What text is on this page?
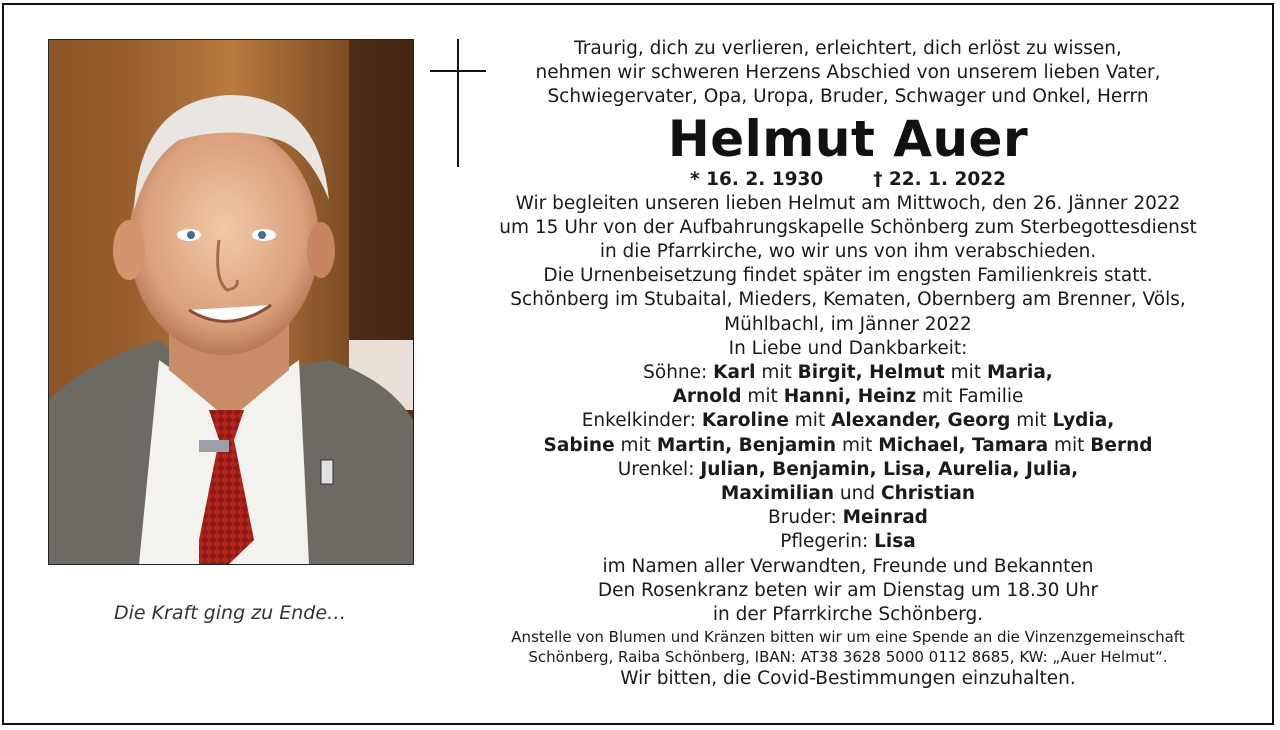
Die Kraft ging zu Ende…
Traurig, dich zu verlieren, erleichtert, dich erlöst zu wissen,
nehmen wir schweren Herzens Abschied von unserem lieben Vater,
Schwiegervater, Opa, Uropa, Bruder, Schwager und Onkel, Herrn
Helmut Auer
* 16. 2. 1930	† 22. 1. 2022
Wir begleiten unseren lieben Helmut am Mittwoch, den 26. Jänner 2022
um 15 Uhr von der Aufbahrungskapelle Schönberg zum Sterbegottesdienst
in die Pfarrkirche, wo wir uns von ihm verabschieden.
Die Urnenbeisetzung findet später im engsten Familienkreis statt.
Schönberg im Stubaital, Mieders, Kematen, Obernberg am Brenner, Völs,
Mühlbachl, im Jänner 2022
In Liebe und Dankbarkeit:
Söhne: Karl mit Birgit, Helmut mit Maria,
Arnold mit Hanni, Heinz mit Familie
Enkelkinder: Karoline mit Alexander, Georg mit Lydia,
Sabine mit Martin, Benjamin mit Michael, Tamara mit Bernd
Urenkel: Julian, Benjamin, Lisa, Aurelia, Julia,
Maximilian und Christian
Bruder: Meinrad
Pflegerin: Lisa
im Namen aller Verwandten, Freunde und Bekannten
Den Rosenkranz beten wir am Dienstag um 18.30 Uhr
in der Pfarrkirche Schönberg.
Anstelle von Blumen und Kränzen bitten wir um eine Spende an die Vinzenzgemeinschaft
Schönberg, Raiba Schönberg, IBAN: AT38 3628 5000 0112 8685, KW: „Auer Helmut“.
Wir bitten, die Covid-Bestimmungen einzuhalten.
